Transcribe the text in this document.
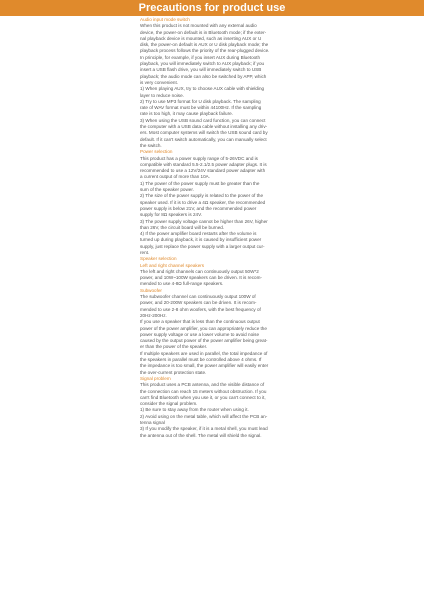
Precautions for product use

Audio input mode switch

When this product is not mounted with any external audio

device, the power-on default is in Bluetooth mode; if the exter-

nal playback device is mounted, such as inserting AUX or U

disk, the power-on default is AUX or U disk playback mode; the

playback process follows the priority of the rear-plugged device.

In principle, for example, if you insert AUX during Bluetooth

playback, you will immediately switch to AUX playback; if you

insert a USB flash drive, you will immediately switch to USB

playback; the audio mode can also be switched by APP, which

is very convenient.

1) When playing AUX, try to choose AUX cable with shielding

layer to reduce noise.

2) Try to use MP3 format for U disk playback. The sampling

rate of WAV format must be within 44100Hz. If the sampling

rate is too high, it may cause playback failure.

3) When using the USB sound card function, you can connect

the computer with a USB data cable without installing any driv-

ers. Most computer systems will switch the USB sound card by

default. If it can't switch automatically, you can manually select

the switch.

Power selection

This product has a power supply range of 5-26VDC and is

compatible with standard 5.5-2.1/2.5 power adapter plugs. It is

recommended to use a 12V/24V standard power adapter with

a current output of more than 10A.

1) The power of the power supply must be greater than the

sum of the speaker power.

2) The size of the power supply is related to the power of the

speaker used. If it is to drive a 4Ω speaker, the recommended

power supply is below 21V, and the recommended power

supply for 8Ω speakers is 24V.

3) The power supply voltage cannot be higher than 26V, higher

than 26V, the circuit board will be burned.

4) If the power amplifier board restarts after the volume is

turned up during playback, it is caused by insufficient power

supply, just replace the power supply with a larger output cur-

rent.

Speaker selection

Left and right channel speakers

The left and right channels can continuously output 50W*2

power, and 10W~100W speakers can be driven. It is recom-

mended to use 4-8Ω full-range speakers.

Subwoofer

The subwoofer channel can continuously output 100W of

power, and 20-200W speakers can be driven. It is recom-

mended to use 2-8 ohm woofers, with the best frequency of

20Hz-200Hz.

If you use a speaker that is less than the continuous output

power of the power amplifier, you can appropriately reduce the

power supply voltage or use a lower volume to avoid noise

caused by the output power of the power amplifier being great-

er than the power of the speaker.

If multiple speakers are used in parallel, the total impedance of

the speakers in parallel must be controlled above 4 ohms. If

the impedance is too small, the power amplifier will easily enter

the over-current protection state.

Signal problem

This product uses a PCB antenna, and the visible distance of

the connection can reach 15 meters without obstruction. If you

can't find Bluetooth when you use it, or you can't connect to it,

consider the signal problem.

1) Be sure to stay away from the router when using it.

2) Avoid using on the metal table, which will affect the PCB an-

tenna signal

3) If you modify the speaker, if it is a metal shell, you must lead

the antenna out of the shell. The metal will shield the signal.
